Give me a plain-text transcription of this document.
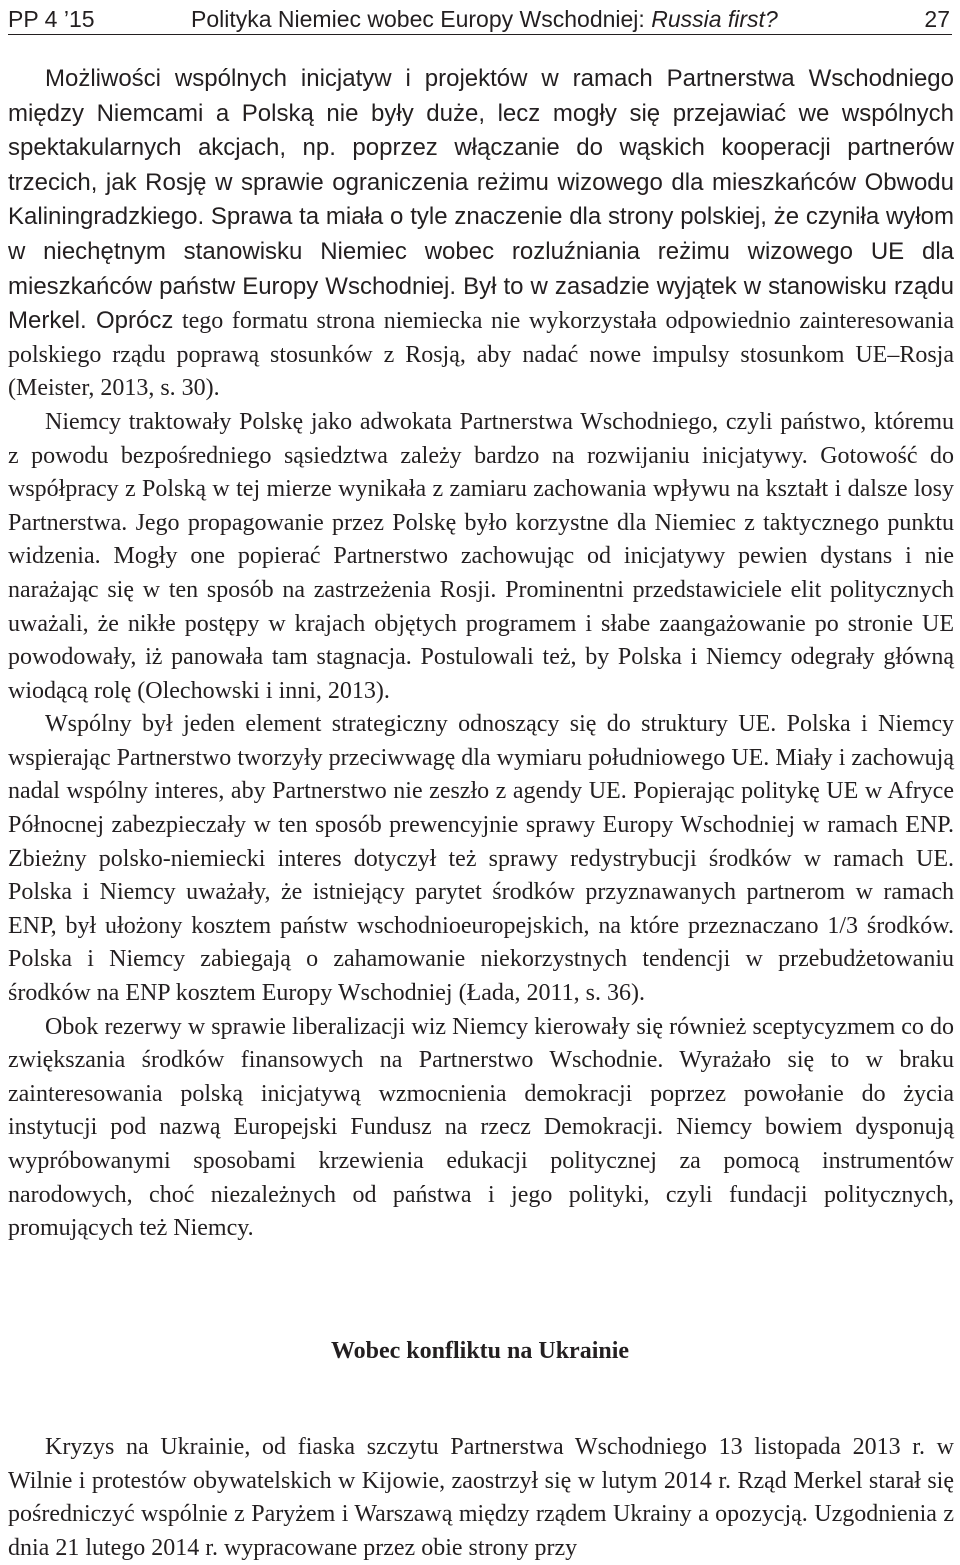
PP 4 ’15	Polityka Niemiec wobec Europy Wschodniej: Russia first?	27

Możliwości wspólnych inicjatyw i projektów w ramach Partnerstwa Wschodniego między Niemcami a Polską nie były duże, lecz mogły się przejawiać we wspólnych spektakularnych akcjach, np. poprzez włączanie do wąskich kooperacji partnerów trzecich, jak Rosję w sprawie ograniczenia reżimu wizowego dla mieszkańców Obwodu Kaliningradzkiego. Sprawa ta miała o tyle znaczenie dla strony polskiej, że czyniła wyłom w niechętnym stanowisku Niemiec wobec rozluźniania reżimu wizowego UE dla mieszkańców państw Europy Wschodniej. Był to w zasadzie wyjątek w stanowisku rządu Merkel. Oprócz tego formatu strona niemiecka nie wykorzystała odpowiednio zainteresowania polskiego rządu poprawą stosunków z Rosją, aby nadać nowe impulsy stosunkom UE–Rosja (Meister, 2013, s. 30).

Niemcy traktowały Polskę jako adwokata Partnerstwa Wschodniego, czyli państwo, któremu z powodu bezpośredniego sąsiedztwa zależy bardzo na rozwijaniu inicjatywy. Gotowość do współpracy z Polską w tej mierze wynikała z zamiaru zachowania wpływu na kształt i dalsze losy Partnerstwa. Jego propagowanie przez Polskę było korzystne dla Niemiec z taktycznego punktu widzenia. Mogły one popierać Partnerstwo zachowując od inicjatywy pewien dystans i nie narażając się w ten sposób na zastrzeżenia Rosji. Prominentni przedstawiciele elit politycznych uważali, że nikłe postępy w krajach objętych programem i słabe zaangażowanie po stronie UE powodowały, iż panowała tam stagnacja. Postulowali też, by Polska i Niemcy odegrały główną wiodącą rolę (Olechowski i inni, 2013).

Wspólny był jeden element strategiczny odnoszący się do struktury UE. Polska i Niemcy wspierając Partnerstwo tworzyły przeciwwagę dla wymiaru południowego UE. Miały i zachowują nadal wspólny interes, aby Partnerstwo nie zeszło z agendy UE. Popierając politykę UE w Afryce Północnej zabezpieczały w ten sposób prewencyjnie sprawy Europy Wschodniej w ramach ENP. Zbieżny polsko-niemiecki interes dotyczył też sprawy redystrybucji środków w ramach UE. Polska i Niemcy uważały, że istniejący parytet środków przyznawanych partnerom w ramach ENP, był ułożony kosztem państw wschodnioeuropejskich, na które przeznaczano 1/3 środków. Polska i Niemcy zabiegają o zahamowanie niekorzystnych tendencji w przebudżetowaniu środków na ENP kosztem Europy Wschodniej (Łada, 2011, s. 36).

Obok rezerwy w sprawie liberalizacji wiz Niemcy kierowały się również sceptycyzmem co do zwiększania środków finansowych na Partnerstwo Wschodnie. Wyrażało się to w braku zainteresowania polską inicjatywą wzmocnienia demokracji poprzez powołanie do życia instytucji pod nazwą Europejski Fundusz na rzecz Demokracji. Niemcy bowiem dysponują wypróbowanymi sposobami krzewienia edukacji politycznej za pomocą instrumentów narodowych, choć niezależnych od państwa i jego polityki, czyli fundacji politycznych, promujących też Niemcy.

Wobec konfliktu na Ukrainie

Kryzys na Ukrainie, od fiaska szczytu Partnerstwa Wschodniego 13 listopada 2013 r. w Wilnie i protestów obywatelskich w Kijowie, zaostrzył się w lutym 2014 r. Rząd Merkel starał się pośredniczyć wspólnie z Paryżem i Warszawą między rządem Ukrainy a opozycją. Uzgodnienia z dnia 21 lutego 2014 r. wypracowane przez obie strony przy
